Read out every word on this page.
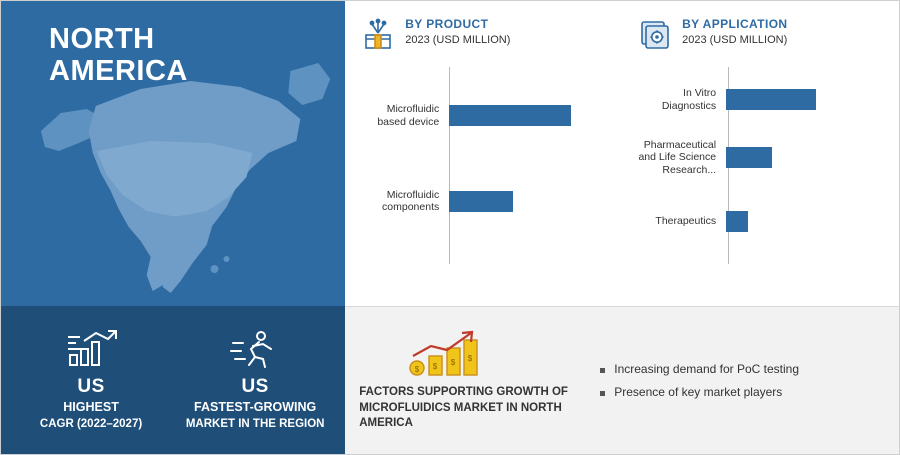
NORTH
AMERICA
US
HIGHEST
CAGR (2022–2027)
US
FASTEST-GROWING
MARKET IN THE REGION
BY PRODUCT
2023 (USD MILLION)
Microfluidic based device
Microfluidic components
BY APPLICATION
2023 (USD MILLION)
In Vitro Diagnostics
Pharmaceutical and Life Science Research...
Therapeutics
$ $ $ $
FACTORS SUPPORTING GROWTH OF MICROFLUIDICS MARKET IN NORTH AMERICA
Increasing demand for PoC testing
Presence of key market players
